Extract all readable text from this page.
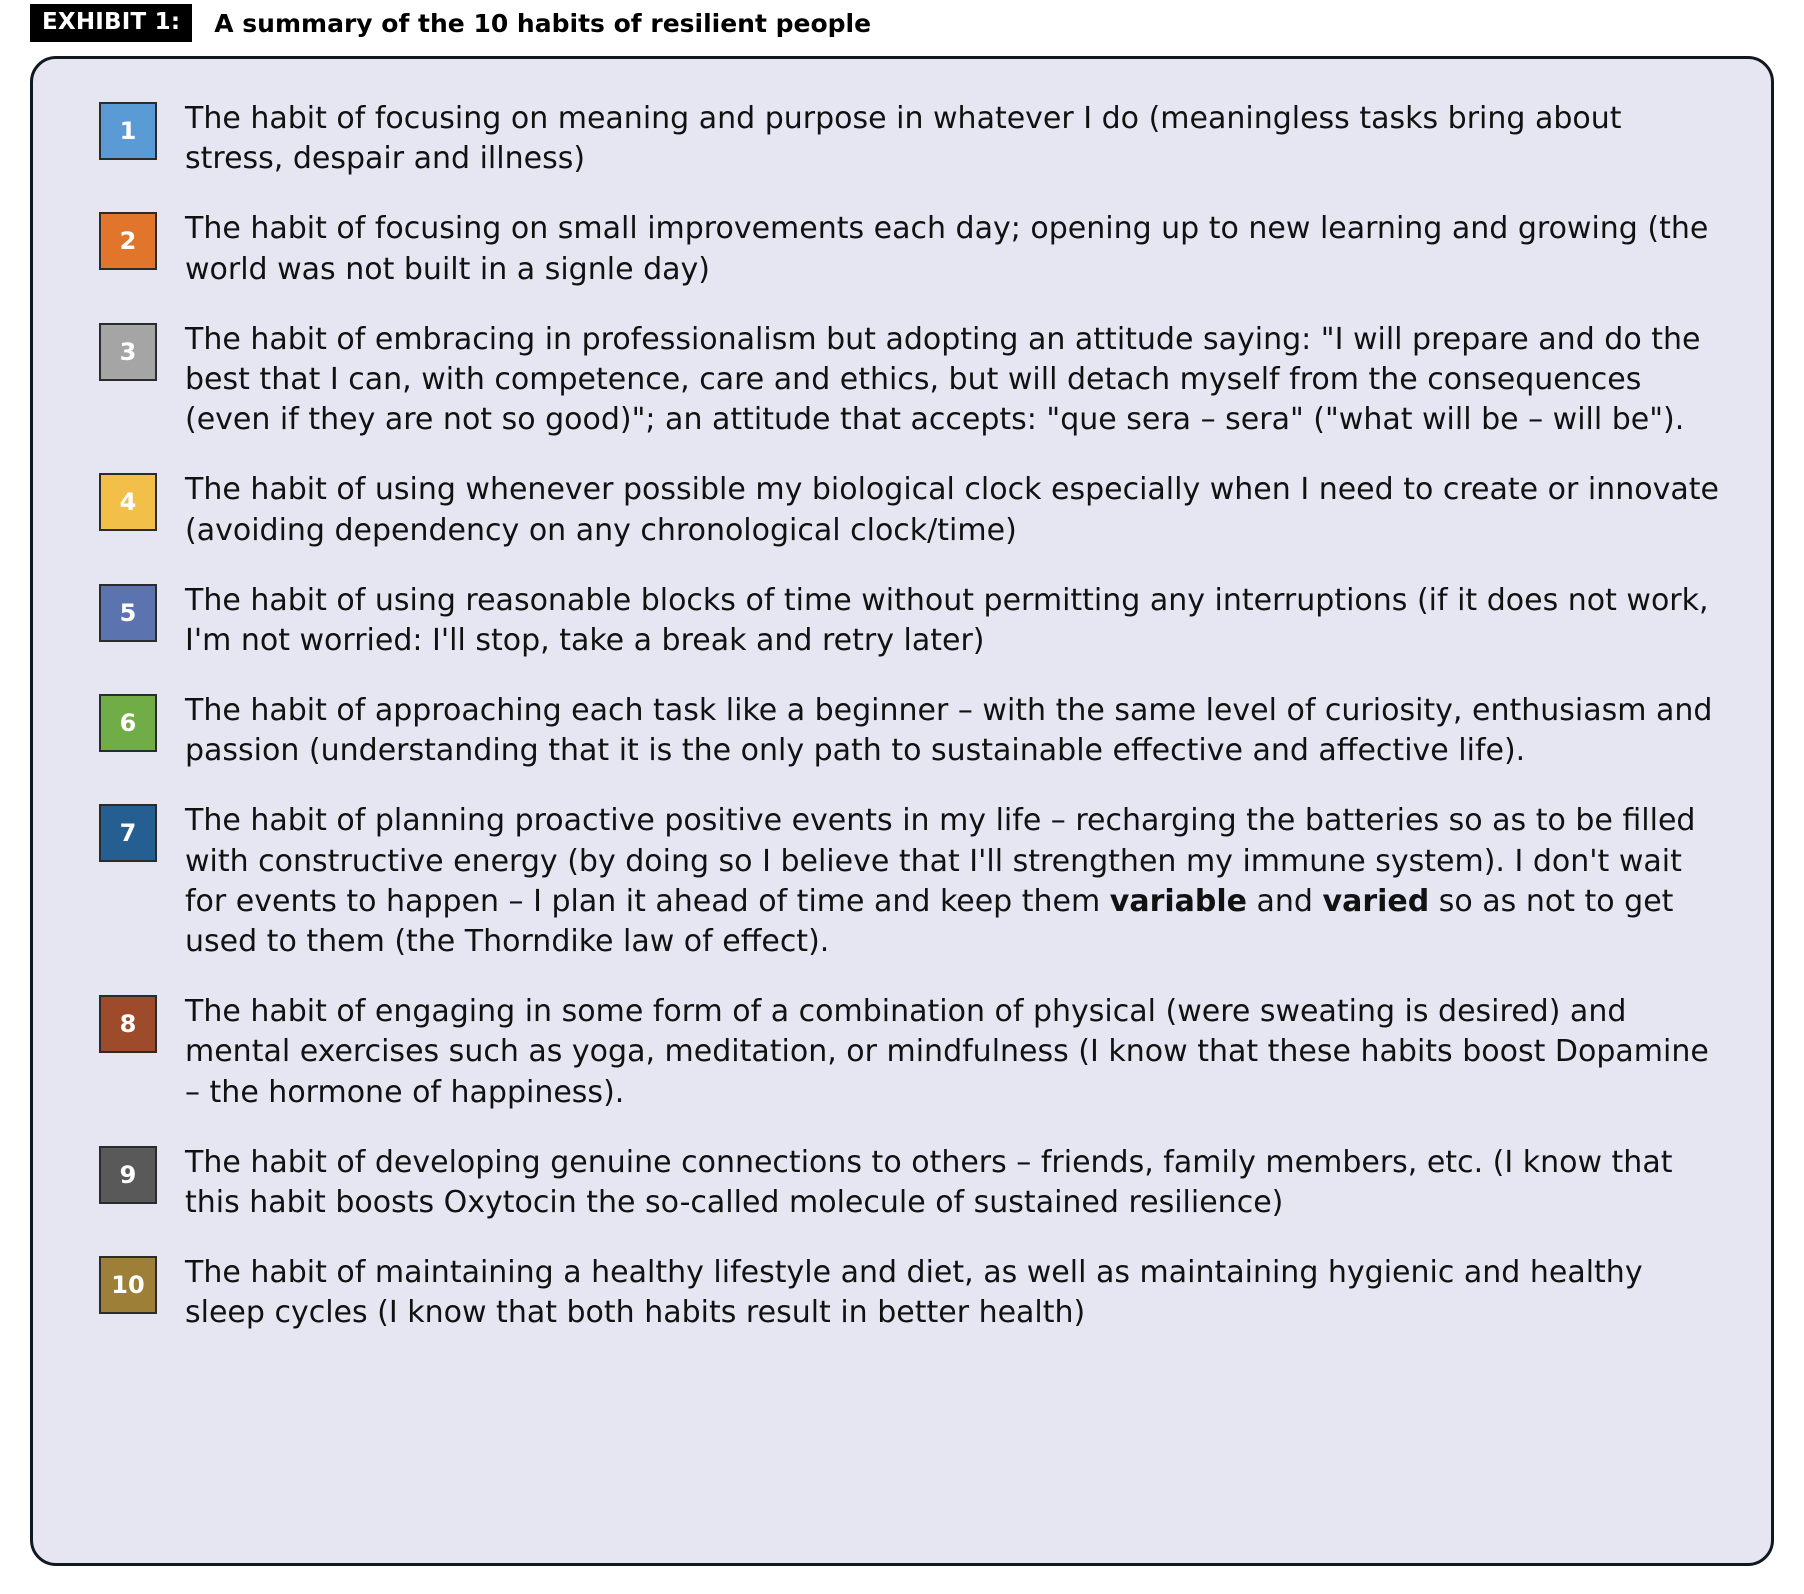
EXHIBIT 1:	A summary of the 10 habits of resilient people
1	The habit of focusing on meaning and purpose in whatever I do (meaningless tasks bring about stress, despair and illness)
2	The habit of focusing on small improvements each day; opening up to new learning and growing (the world was not built in a signle day)
3	The habit of embracing in professionalism but adopting an attitude saying: "I will prepare and do the best that I can, with competence, care and ethics, but will detach myself from the consequences (even if they are not so good)"; an attitude that accepts: "que sera – sera" ("what will be – will be").
4	The habit of using whenever possible my biological clock especially when I need to create or innovate (avoiding dependency on any chronological clock/time)
5	The habit of using reasonable blocks of time without permitting any interruptions (if it does not work, I'm not worried: I'll stop, take a break and retry later)
6	The habit of approaching each task like a beginner – with the same level of curiosity, enthusiasm and passion (understanding that it is the only path to sustainable effective and affective life).
7	The habit of planning proactive positive events in my life – recharging the batteries so as to be filled with constructive energy (by doing so I believe that I'll strengthen my immune system). I don't wait for events to happen – I plan it ahead of time and keep them variable and varied so as not to get used to them (the Thorndike law of effect).
8	The habit of engaging in some form of a combination of physical (were sweating is desired) and mental exercises such as yoga, meditation, or mindfulness (I know that these habits boost Dopamine – the hormone of happiness).
9	The habit of developing genuine connections to others – friends, family members, etc. (I know that this habit boosts Oxytocin the so-called molecule of sustained resilience)
10	The habit of maintaining a healthy lifestyle and diet, as well as maintaining hygienic and healthy sleep cycles (I know that both habits result in better health)
